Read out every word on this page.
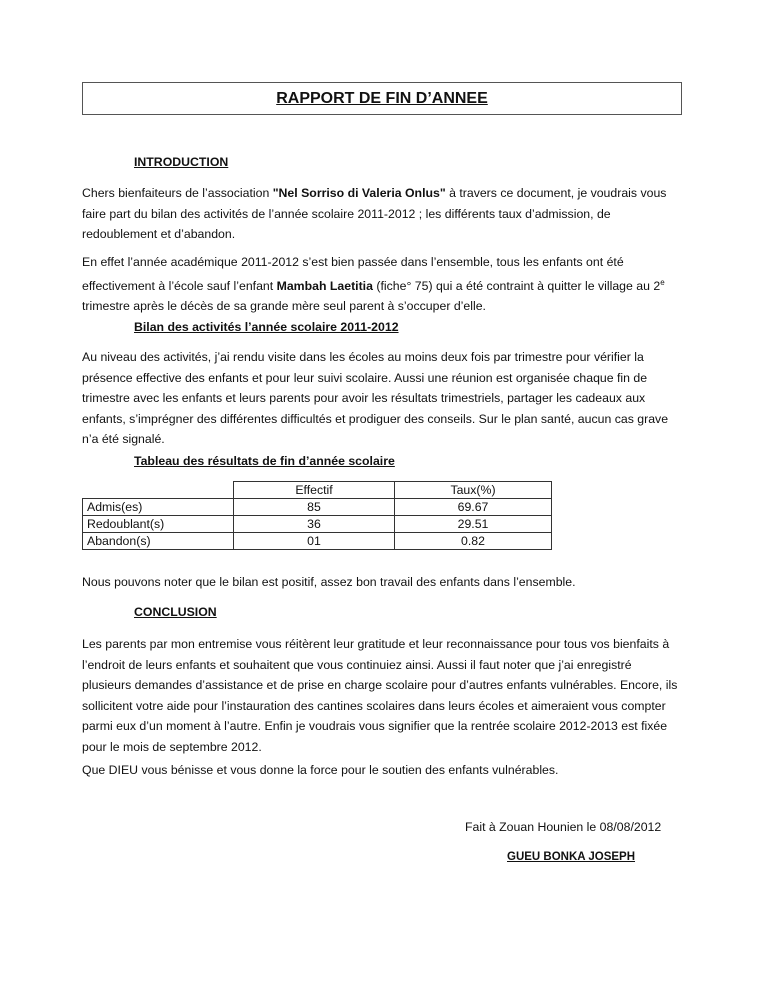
RAPPORT DE FIN D’ANNEE
INTRODUCTION

Chers bienfaiteurs de l’association "Nel Sorriso di Valeria Onlus" à travers ce document, je voudrais vous faire part du bilan des activités de l’année scolaire 2011-2012 ; les différents taux d’admission, de redoublement et d’abandon.

En effet l’année académique 2011-2012 s’est bien passée dans l’ensemble, tous les enfants ont été effectivement à l’école sauf l’enfant Mambah Laetitia (fiche° 75) qui a été contraint à quitter le village au 2e trimestre après le décès de sa grande mère seul parent à s’occuper d’elle.

Bilan des activités l’année scolaire 2011-2012

Au niveau des activités, j’ai rendu visite dans les écoles au moins deux fois par trimestre pour vérifier la présence effective des enfants et pour leur suivi scolaire. Aussi une réunion est organisée chaque fin de trimestre avec les enfants et leurs parents pour avoir les résultats trimestriels, partager les cadeaux aux enfants, s’imprégner des différentes difficultés et prodiguer des conseils. Sur le plan santé, aucun cas grave n’a été signalé.

Tableau des résultats de fin d’année scolaire
	Effectif	Taux(%)
Admis(es)	85	69.67
Redoublant(s)	36	29.51
Abandon(s)	01	0.82

Nous pouvons noter que le bilan est positif, assez bon travail des enfants dans l’ensemble.

CONCLUSION

Les parents par mon entremise vous réitèrent leur gratitude et leur reconnaissance pour tous vos bienfaits à l’endroit de leurs enfants et souhaitent que vous continuiez ainsi. Aussi il faut noter que j’ai enregistré plusieurs demandes d’assistance et de prise en charge scolaire pour d’autres enfants vulnérables. Encore, ils sollicitent votre aide pour l’instauration des cantines scolaires dans leurs écoles et aimeraient vous compter parmi eux d’un moment à l’autre. Enfin je voudrais vous signifier que la rentrée scolaire 2012-2013 est fixée pour le mois de septembre 2012.

Que DIEU vous bénisse et vous donne la force pour le soutien des enfants vulnérables.

Fait à Zouan Hounien le 08/08/2012
GUEU BONKA JOSEPH
